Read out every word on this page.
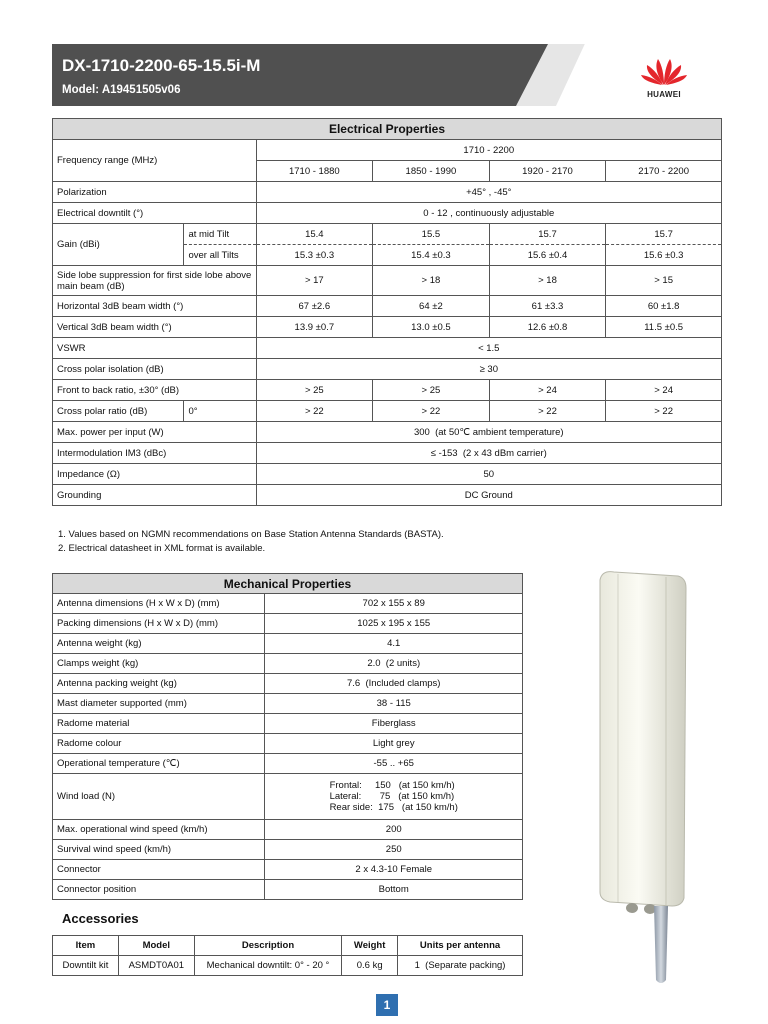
DX-1710-2200-65-15.5i-M
Model: A19451505v06	HUAWEI
Electrical Properties					
Frequency range (MHz)		1710 - 2200			
		1710 - 1880	1850 - 1990	1920 - 2170	2170 - 2200
Polarization		+45° , -45°			
Electrical downtilt (°)		0 - 12 , continuously adjustable			
Gain (dBi)	at mid Tilt	15.4	15.5	15.7	15.7
	over all Tilts	15.3 ±0.3	15.4 ±0.3	15.6 ±0.4	15.6 ±0.3
Side lobe suppression for first side lobe above main beam (dB)		> 17	> 18	> 18	> 15
Horizontal 3dB beam width (°)		67 ±2.6	64 ±2	61 ±3.3	60 ±1.8
Vertical 3dB beam width (°)		13.9 ±0.7	13.0 ±0.5	12.6 ±0.8	11.5 ±0.5
VSWR		< 1.5			
Cross polar isolation (dB)		≥ 30			
Front to back ratio, ±30° (dB)		> 25	> 25	> 24	> 24
Cross polar ratio (dB)	0°	> 22	> 22	> 22	> 22
Max. power per input (W)		300  (at 50℃ ambient temperature)			
Intermodulation IM3 (dBc)		≤ -153  (2 x 43 dBm carrier)			
Impedance (Ω)		50			
Grounding		DC Ground			
1. Values based on NGMN recommendations on Base Station Antenna Standards (BASTA).
2. Electrical datasheet in XML format is available.
Mechanical Properties	
Antenna dimensions (H x W x D) (mm)	702 x 155 x 89
Packing dimensions (H x W x D) (mm)	1025 x 195 x 155
Antenna weight (kg)	4.1
Clamps weight (kg)	2.0  (2 units)
Antenna packing weight (kg)	7.6  (Included clamps)
Mast diameter supported (mm)	38 - 115
Radome material	Fiberglass
Radome colour	Light grey
Operational temperature (℃)	-55 .. +65
Wind load (N)	Frontal:     150   (at 150 km/h)
Lateral:       75   (at 150 km/h)
Rear side:  175   (at 150 km/h)
Max. operational wind speed (km/h)	200
Survival wind speed (km/h)	250
Connector	2 x 4.3-10 Female
Connector position	Bottom
Accessories
Item	Model	Description	Weight	Units per antenna
Downtilt kit	ASMDT0A01	Mechanical downtilt: 0° - 20 °	0.6 kg	1  (Separate packing)
1
